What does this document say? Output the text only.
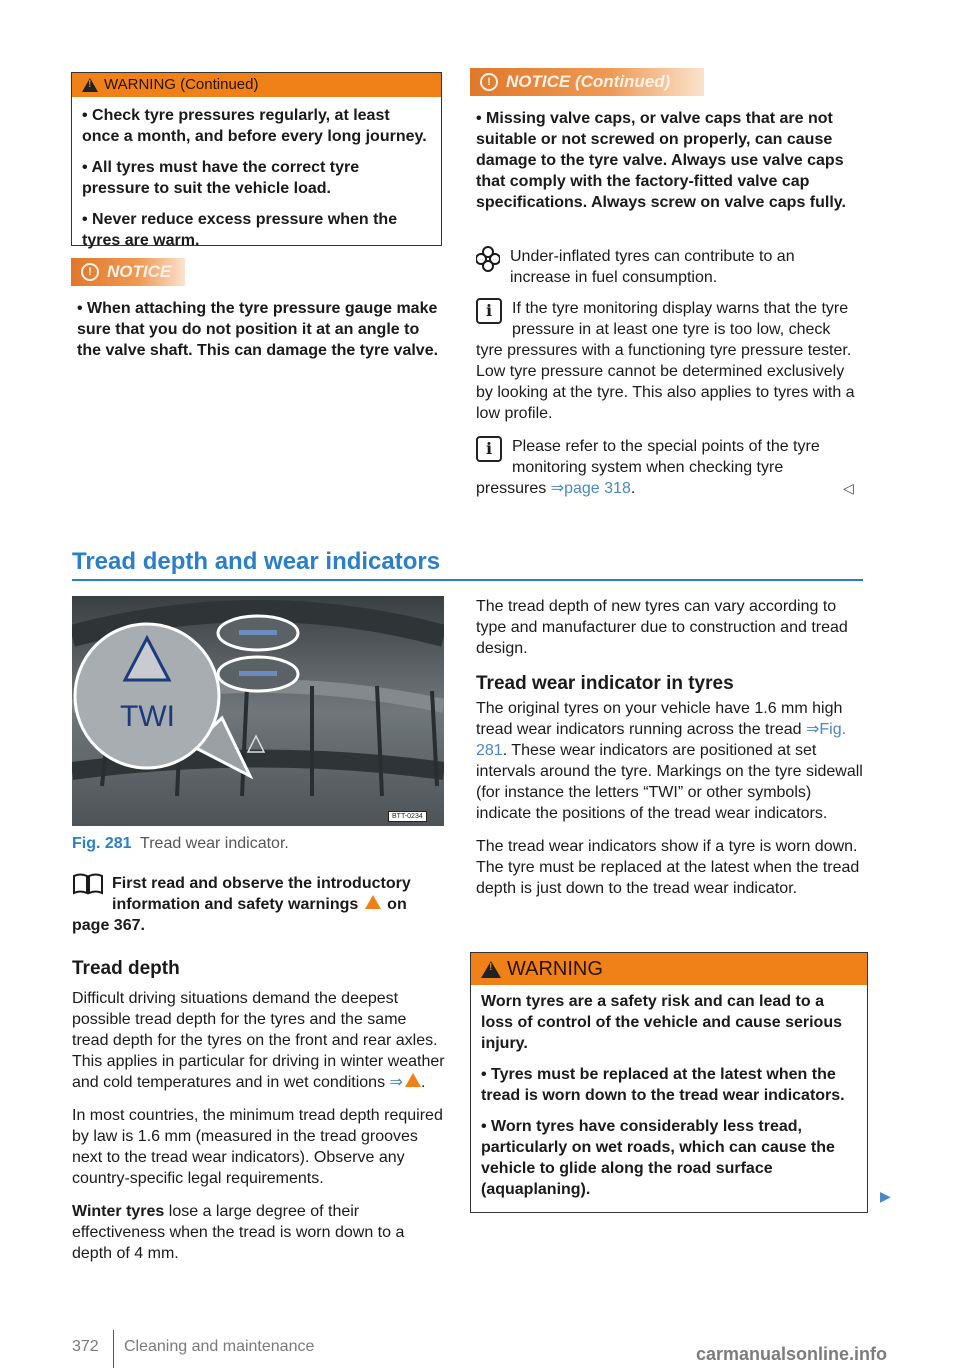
!
WARNING (Continued)

• Check tyre pressures regularly, at least once a month, and before every long journey.

• All tyres must have the correct tyre pressure to suit the vehicle load.

• Never reduce excess pressure when the tyres are warm.

! NOTICE

• When attaching the tyre pressure gauge make sure that you do not position it at an angle to the valve shaft. This can damage the tyre valve.

! NOTICE (Continued)

• Missing valve caps, or valve caps that are not suitable or not screwed on properly, can cause damage to the tyre valve. Always use valve caps that comply with the factory-fitted valve cap specifications. Always screw on valve caps fully.

Under-inflated tyres can contribute to an increase in fuel consumption.
i	If the tyre monitoring display warns that the tyre pressure in at least one tyre is too low, check tyre pressures with a functioning tyre pressure tester. Low tyre pressure cannot be determined exclusively by looking at the tyre. This also applies to tyres with a low profile.
i	Please refer to the special points of the tyre monitoring system when checking tyre pressures ⇒page 318.	◁
Tread depth and wear indicators
TWI
BTT-0234
Fig. 281 Tread wear indicator.
First read and observe the introductory information and safety warnings ! on page 367.
Tread depth

Difficult driving situations demand the deepest possible tread depth for the tyres and the same tread depth for the tyres on the front and rear axles. This applies in particular for driving in winter weather and cold temperatures and in wet conditions ⇒! .

In most countries, the minimum tread depth required by law is 1.6 mm (measured in the tread grooves next to the tread wear indicators). Observe any country-specific legal requirements.

Winter tyres lose a large degree of their effectiveness when the tread is worn down to a depth of 4 mm.

The tread depth of new tyres can vary according to type and manufacturer due to construction and tread design.

Tread wear indicator in tyres

The original tyres on your vehicle have 1.6 mm high tread wear indicators running across the tread ⇒Fig. 281. These wear indicators are positioned at set intervals around the tyre. Markings on the tyre sidewall (for instance the letters “TWI” or other symbols) indicate the positions of the tread wear indicators.

The tread wear indicators show if a tyre is worn down. The tyre must be replaced at the latest when the tread depth is just down to the tread wear indicator.

!
WARNING

Worn tyres are a safety risk and can lead to a loss of control of the vehicle and cause serious injury.

• Tyres must be replaced at the latest when the tread is worn down to the tread wear indicators.

• Worn tyres have considerably less tread, particularly on wet roads, which can cause the vehicle to glide along the road surface (aquaplaning).	▶
372 Cleaning and maintenance	carmanualsonline.info
